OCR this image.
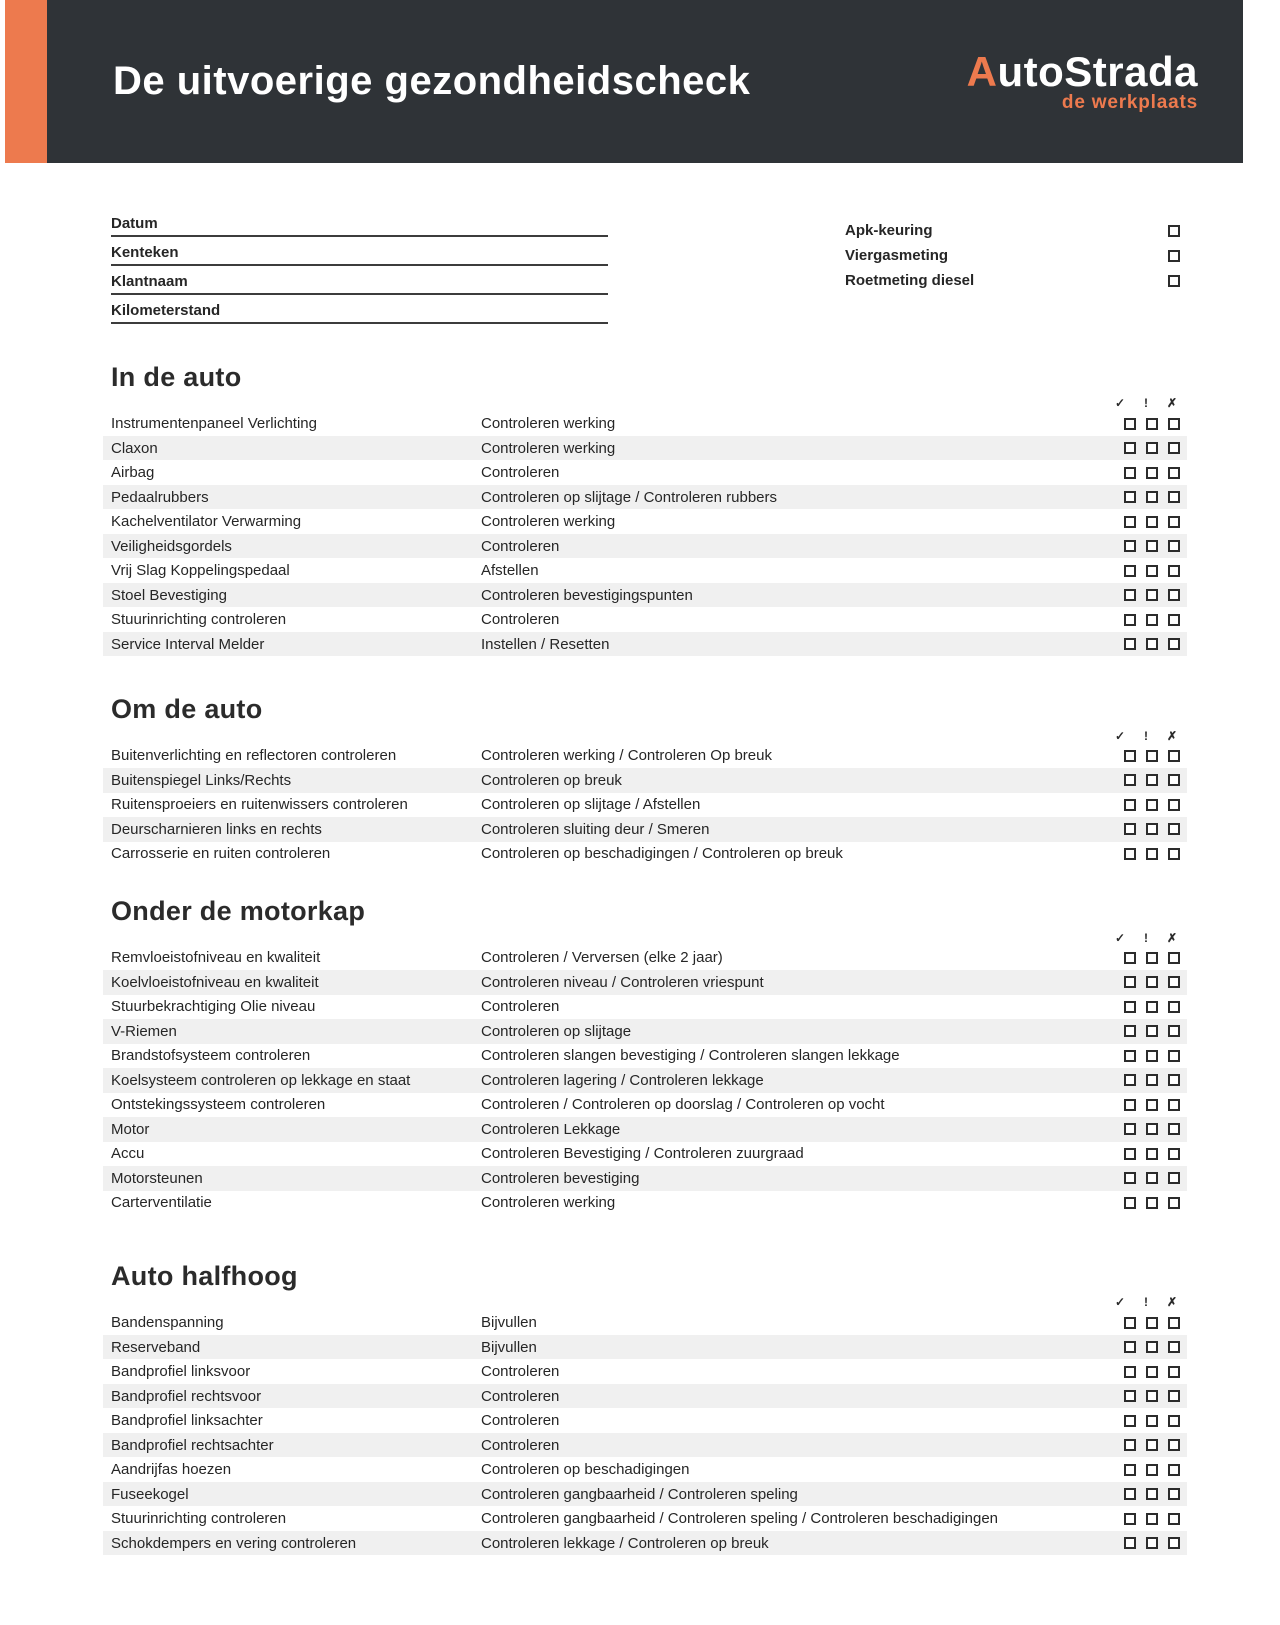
De uitvoerige gezondheidscheck	AutoStrada
de werkplaats
Datum
Kenteken
Klantnaam
Kilometerstand
Apk-keuring
Viergasmeting
Roetmeting diesel
In de auto
✓	!	✗
Instrumentenpaneel Verlichting	Controleren werking
Claxon	Controleren werking
Airbag	Controleren
Pedaalrubbers	Controleren op slijtage / Controleren rubbers
Kachelventilator Verwarming	Controleren werking
Veiligheidsgordels	Controleren
Vrij Slag Koppelingspedaal	Afstellen
Stoel Bevestiging	Controleren bevestigingspunten
Stuurinrichting controleren	Controleren
Service Interval Melder	Instellen / Resetten
Om de auto
✓	!	✗
Buitenverlichting en reflectoren controleren	Controleren werking / Controleren Op breuk
Buitenspiegel Links/Rechts	Controleren op breuk
Ruitensproeiers en ruitenwissers controleren	Controleren op slijtage / Afstellen
Deurscharnieren links en rechts	Controleren sluiting deur / Smeren
Carrosserie en ruiten controleren	Controleren op beschadigingen / Controleren op breuk
Onder de motorkap
✓	!	✗
Remvloeistofniveau en kwaliteit	Controleren / Verversen (elke 2 jaar)
Koelvloeistofniveau en kwaliteit	Controleren niveau / Controleren vriespunt
Stuurbekrachtiging Olie niveau	Controleren
V-Riemen	Controleren op slijtage
Brandstofsysteem controleren	Controleren slangen bevestiging / Controleren slangen lekkage
Koelsysteem controleren op lekkage en staat	Controleren lagering / Controleren lekkage
Ontstekingssysteem controleren	Controleren / Controleren op doorslag / Controleren op vocht
Motor	Controleren Lekkage
Accu	Controleren Bevestiging / Controleren zuurgraad
Motorsteunen	Controleren bevestiging
Carterventilatie	Controleren werking
Auto halfhoog
✓	!	✗
Bandenspanning	Bijvullen
Reserveband	Bijvullen
Bandprofiel linksvoor	Controleren
Bandprofiel rechtsvoor	Controleren
Bandprofiel linksachter	Controleren
Bandprofiel rechtsachter	Controleren
Aandrijfas hoezen	Controleren op beschadigingen
Fuseekogel	Controleren gangbaarheid / Controleren speling
Stuurinrichting controleren	Controleren gangbaarheid / Controleren speling / Controleren beschadigingen
Schokdempers en vering controleren	Controleren lekkage / Controleren op breuk
